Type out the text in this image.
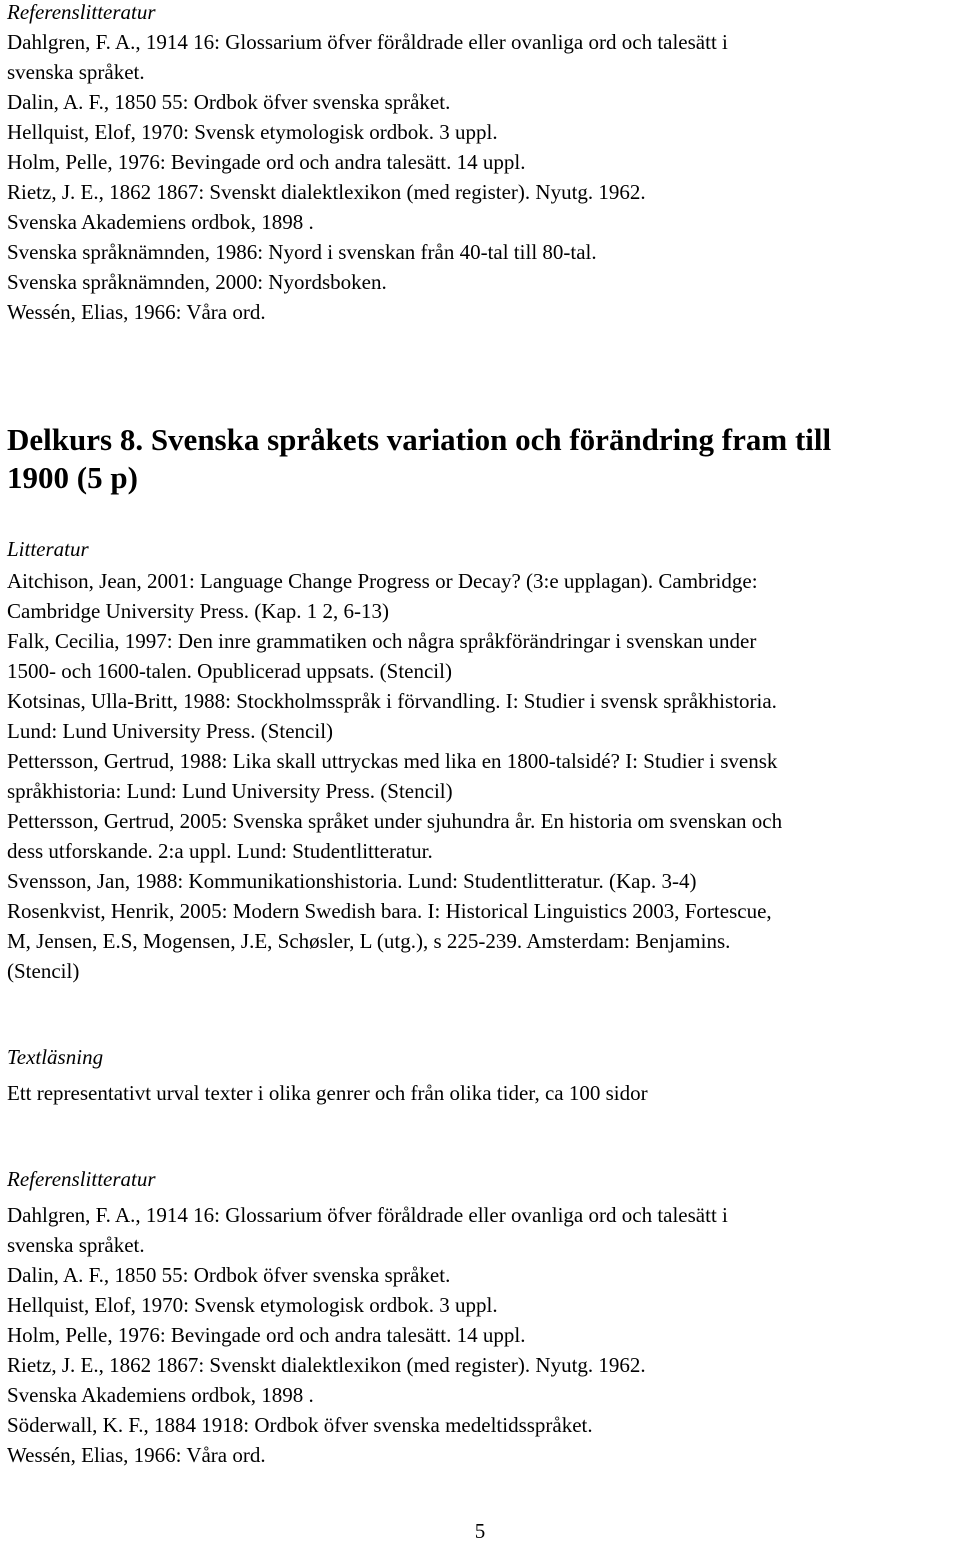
Referenslitteratur

Dahlgren, F. A., 1914 16: Glossarium öfver föråldrade eller ovanliga ord och talesätt i
svenska språket.

Dalin, A. F., 1850 55: Ordbok öfver svenska språket.

Hellquist, Elof, 1970: Svensk etymologisk ordbok. 3 uppl.

Holm, Pelle, 1976: Bevingade ord och andra talesätt. 14 uppl.

Rietz, J. E., 1862 1867: Svenskt dialektlexikon (med register). Nyutg. 1962.

Svenska Akademiens ordbok, 1898 .

Svenska språknämnden, 1986: Nyord i svenskan från 40-tal till 80-tal.

Svenska språknämnden, 2000: Nyordsboken.

Wessén, Elias, 1966: Våra ord.

Delkurs 8. Svenska språkets variation och förändring fram till

1900 (5 p)

Litteratur

Aitchison, Jean, 2001: Language Change Progress or Decay? (3:e upplagan). Cambridge:
Cambridge University Press. (Kap. 1 2, 6-13)

Falk, Cecilia, 1997: Den inre grammatiken och några språkförändringar i svenskan under
1500- och 1600-talen. Opublicerad uppsats. (Stencil)

Kotsinas, Ulla-Britt, 1988: Stockholmsspråk i förvandling. I: Studier i svensk språkhistoria.
Lund: Lund University Press. (Stencil)

Pettersson, Gertrud, 1988: Lika skall uttryckas med lika en 1800-talsidé? I: Studier i svensk
språkhistoria: Lund: Lund University Press. (Stencil)

Pettersson, Gertrud, 2005: Svenska språket under sjuhundra år. En historia om svenskan och
dess utforskande. 2:a uppl. Lund: Studentlitteratur.

Svensson, Jan, 1988: Kommunikationshistoria. Lund: Studentlitteratur. (Kap. 3-4)

Rosenkvist, Henrik, 2005: Modern Swedish bara. I: Historical Linguistics 2003, Fortescue,
M, Jensen, E.S, Mogensen, J.E, Schøsler, L (utg.), s 225-239. Amsterdam: Benjamins.
(Stencil)

Textläsning

Ett representativt urval texter i olika genrer och från olika tider, ca 100 sidor

Referenslitteratur

Dahlgren, F. A., 1914 16: Glossarium öfver föråldrade eller ovanliga ord och talesätt i
svenska språket.

Dalin, A. F., 1850 55: Ordbok öfver svenska språket.

Hellquist, Elof, 1970: Svensk etymologisk ordbok. 3 uppl.

Holm, Pelle, 1976: Bevingade ord och andra talesätt. 14 uppl.

Rietz, J. E., 1862 1867: Svenskt dialektlexikon (med register). Nyutg. 1962.

Svenska Akademiens ordbok, 1898 .

Söderwall, K. F., 1884 1918: Ordbok öfver svenska medeltidsspråket.

Wessén, Elias, 1966: Våra ord.

5
